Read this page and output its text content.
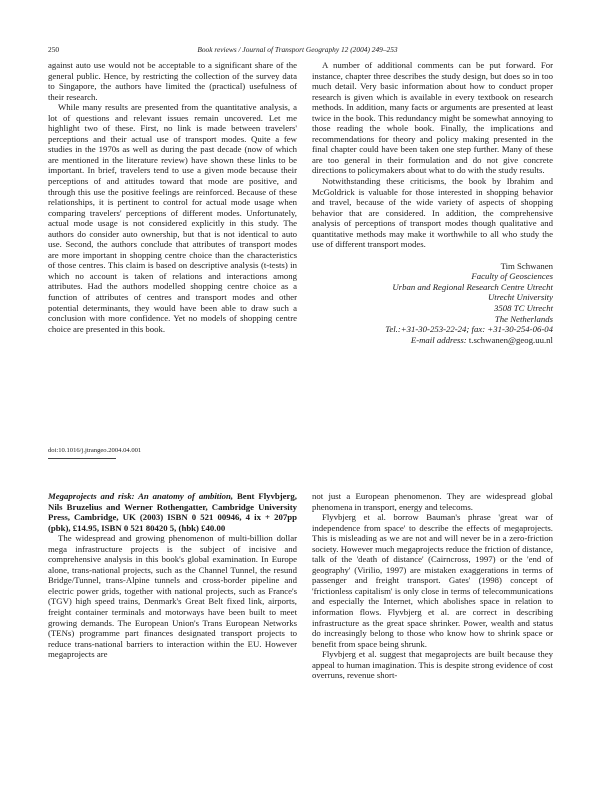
250	Book reviews / Journal of Transport Geography 12 (2004) 249–253

against auto use would not be acceptable to a significant share of the general public. Hence, by restricting the collection of the survey data to Singapore, the authors have limited the (practical) usefulness of their research.

While many results are presented from the quantitative analysis, a lot of questions and relevant issues remain uncovered. Let me highlight two of these. First, no link is made between travelers' perceptions and their actual use of transport modes. Quite a few studies in the 1970s as well as during the past decade (now of which are mentioned in the literature review) have shown these links to be important. In brief, travelers tend to use a given mode because their perceptions of and attitudes toward that mode are positive, and through this use the positive feelings are reinforced. Because of these relationships, it is pertinent to control for actual mode usage when comparing travelers' perceptions of different modes. Unfortunately, actual mode usage is not considered explicitly in this study. The authors do consider auto ownership, but that is not identical to auto use. Second, the authors conclude that attributes of transport modes are more important in shopping centre choice than the characteristics of those centres. This claim is based on descriptive analysis (t-tests) in which no account is taken of relations and interactions among attributes. Had the authors modelled shopping centre choice as a function of attributes of centres and transport modes and other potential determinants, they would have been able to draw such a conclusion with more confidence. Yet no models of shopping centre choice are presented in this book.

A number of additional comments can be put forward. For instance, chapter three describes the study design, but does so in too much detail. Very basic information about how to conduct proper research is given which is available in every textbook on research methods. In addition, many facts or arguments are presented at least twice in the book. This redundancy might be somewhat annoying to those reading the whole book. Finally, the implications and recommendations for theory and policy making presented in the final chapter could have been taken one step further. Many of these are too general in their formulation and do not give concrete directions to policymakers about what to do with the study results.

Notwithstanding these criticisms, the book by Ibrahim and McGoldrick is valuable for those interested in shopping behavior and travel, because of the wide variety of aspects of shopping behavior that are considered. In addition, the comprehensive analysis of perceptions of transport modes though qualitative and quantitative methods may make it worthwhile to all who study the use of different transport modes.

Tim Schwanen
Faculty of Geosciences
Urban and Regional Research Centre Utrecht
Utrecht University
3508 TC Utrecht
The Netherlands
Tel.:+31-30-253-22-24; fax: +31-30-254-06-04
E-mail address: t.schwanen@geog.uu.nl
doi:10.1016/j.jtrangeo.2004.04.001

Megaprojects and risk: An anatomy of ambition, Bent Flyvbjerg, Nils Bruzelius and Werner Rothengatter, Cambridge University Press, Cambridge, UK (2003) ISBN 0 521 00946, 4 ix + 207pp (pbk), £14.95, ISBN 0 521 80420 5, (hbk) £40.00

The widespread and growing phenomenon of multi-billion dollar mega infrastructure projects is the subject of incisive and comprehensive analysis in this book's global examination. In Europe alone, trans-national projects, such as the Channel Tunnel, the resund Bridge/Tunnel, trans-Alpine tunnels and cross-border pipeline and electric power grids, together with national projects, such as France's (TGV) high speed trains, Denmark's Great Belt fixed link, airports, freight container terminals and motorways have been built to meet growing demands. The European Union's Trans European Networks (TENs) programme part finances designated transport projects to reduce trans-national barriers to interaction within the EU. However megaprojects are

not just a European phenomenon. They are widespread global phenomena in transport, energy and telecoms.

Flyvbjerg et al. borrow Bauman's phrase 'great war of independence from space' to describe the effects of megaprojects. This is misleading as we are not and will never be in a zero-friction society. However much megaprojects reduce the friction of distance, talk of the 'death of distance' (Cairncross, 1997) or the 'end of geography' (Virilio, 1997) are mistaken exaggerations in terms of passenger and freight transport. Gates' (1998) concept of 'frictionless capitalism' is only close in terms of telecommunications and especially the Internet, which abolishes space in relation to information flows. Flyvbjerg et al. are correct in describing infrastructure as the great space shrinker. Power, wealth and status do increasingly belong to those who know how to shrink space or benefit from space being shrunk.

Flyvbjerg et al. suggest that megaprojects are built because they appeal to human imagination. This is despite strong evidence of cost overruns, revenue short-
